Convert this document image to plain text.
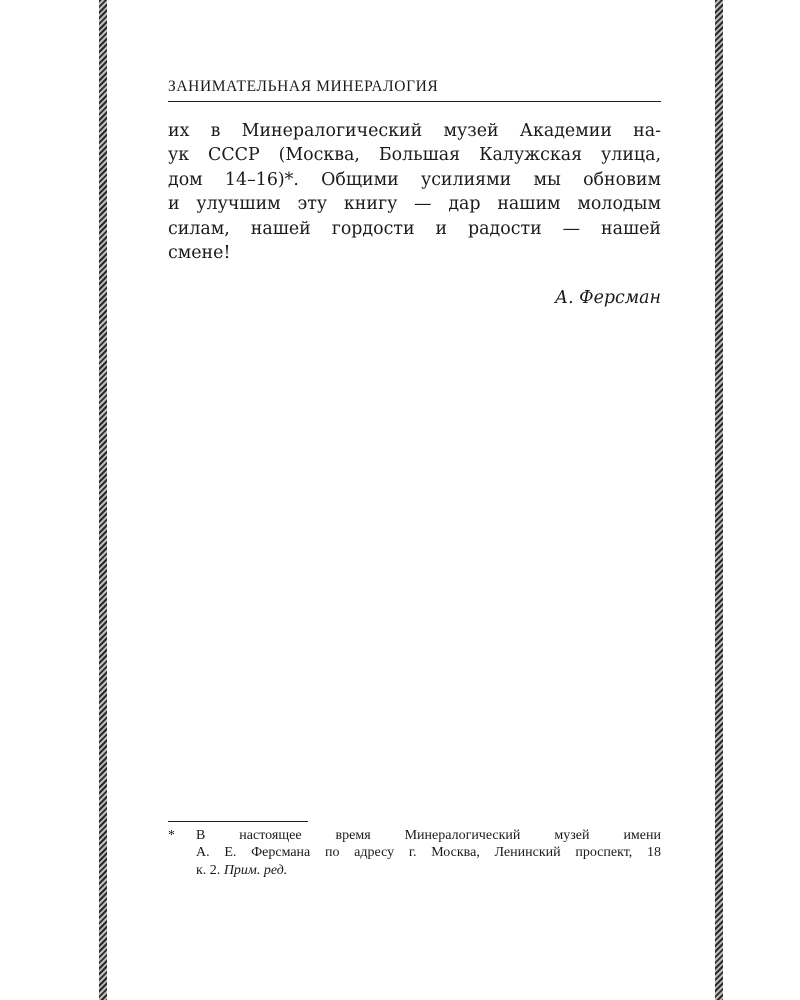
ЗАНИМАТЕЛЬНАЯ МИНЕРАЛОГИЯ
их в Минералогический музей Академии на-
ук СССР (Москва, Большая Калужская улица,
дом 14–16)*. Общими усилиями мы обновим
и улучшим эту книгу — дар нашим молодым
силам, нашей гордости и радости — нашей
смене!
А. Ферсман
* В настоящее время Минералогический музей имени
А. Е. Ферсмана по адресу г. Москва, Ленинский проспект, 18
к. 2. Прим. ред.
